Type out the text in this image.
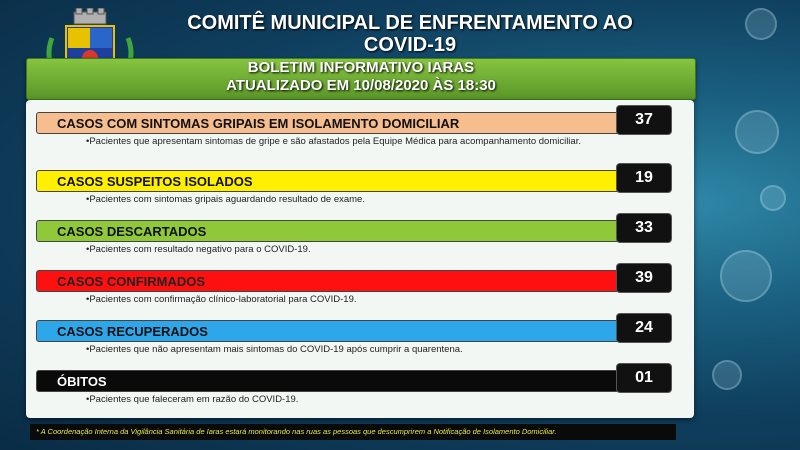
COMITÊ MUNICIPAL DE ENFRENTAMENTO AO
COVID-19
BOLETIM INFORMATIVO IARAS
ATUALIZADO EM 10/08/2020 ÀS 18:30
CASOS COM SINTOMAS GRIPAIS EM ISOLAMENTO DOMICILIAR	37
•Pacientes que apresentam sintomas de gripe e são afastados pela Equipe Médica para acompanhamento domiciliar.
CASOS SUSPEITOS ISOLADOS	19
•Pacientes com sintomas gripais aguardando resultado de exame.
CASOS DESCARTADOS	33
•Pacientes com resultado negativo para o COVID-19.
CASOS CONFIRMADOS	39
•Pacientes com confirmação clínico-laboratorial para COVID-19.
CASOS RECUPERADOS	24
•Pacientes que não apresentam mais sintomas do COVID-19 após cumprir a quarentena.
ÓBITOS	01
•Pacientes que faleceram em razão do COVID-19.
* A Coordenação Interna da Vigilância Sanitária de Iaras estará monitorando nas ruas as pessoas que descumprirem a Notificação de Isolamento Domiciliar.
